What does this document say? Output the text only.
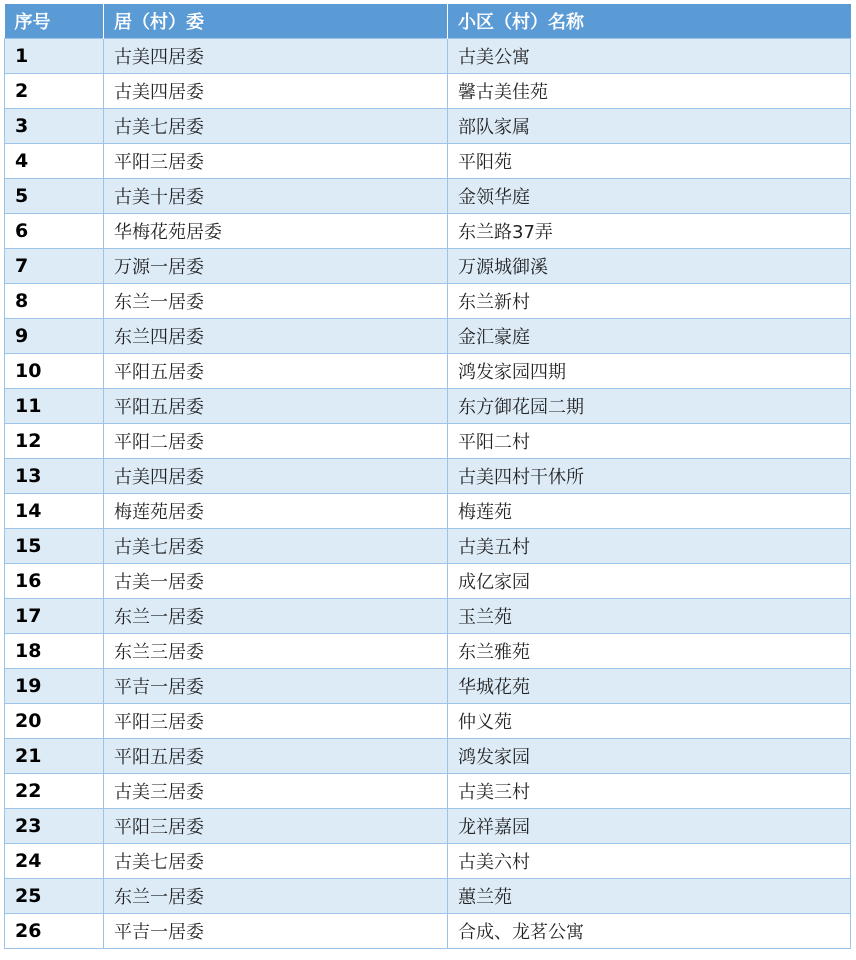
序号	居（村）委	小区（村）名称
1	古美四居委	古美公寓
2	古美四居委	馨古美佳苑
3	古美七居委	部队家属
4	平阳三居委	平阳苑
5	古美十居委	金领华庭
6	华梅花苑居委	东兰路37弄
7	万源一居委	万源城御溪
8	东兰一居委	东兰新村
9	东兰四居委	金汇豪庭
10	平阳五居委	鸿发家园四期
11	平阳五居委	东方御花园二期
12	平阳二居委	平阳二村
13	古美四居委	古美四村干休所
14	梅莲苑居委	梅莲苑
15	古美七居委	古美五村
16	古美一居委	成亿家园
17	东兰一居委	玉兰苑
18	东兰三居委	东兰雅苑
19	平吉一居委	华城花苑
20	平阳三居委	仲义苑
21	平阳五居委	鸿发家园
22	古美三居委	古美三村
23	平阳三居委	龙祥嘉园
24	古美七居委	古美六村
25	东兰一居委	蕙兰苑
26	平吉一居委	合成、龙茗公寓
